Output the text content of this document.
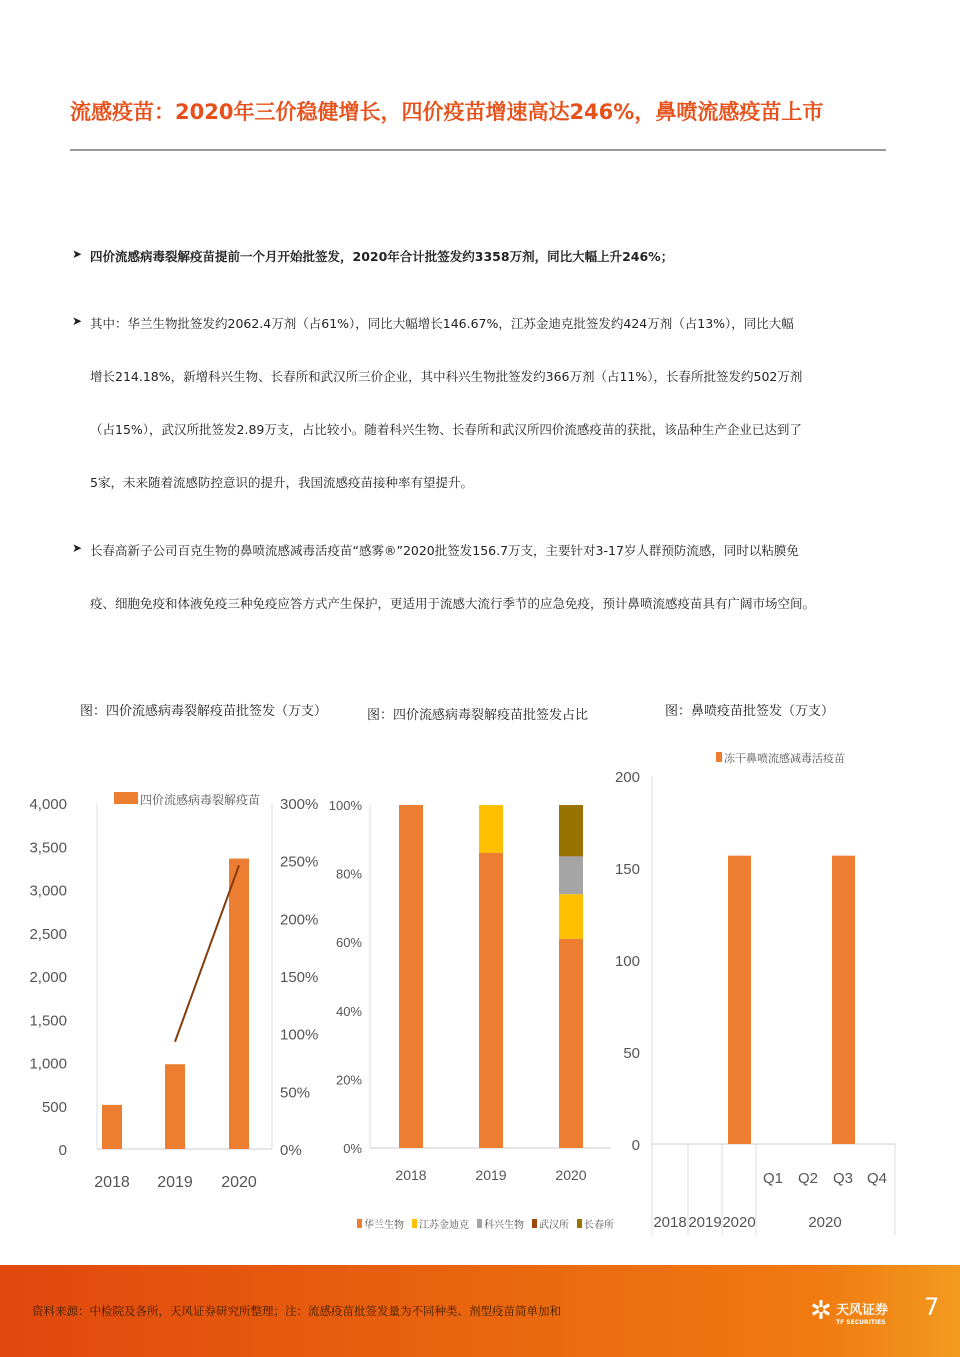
流感疫苗：2020年三价稳健增长，四价疫苗增速高达246%，鼻喷流感疫苗上市
➤ 四价流感病毒裂解疫苗提前一个月开始批签发，2020年合计批签发约3358万剂，同比大幅上升246%；
➤ 其中：华兰生物批签发约2062.4万剂（占61%），同比大幅增长146.67%，江苏金迪克批签发约424万剂（占13%），同比大幅
增长214.18%，新增科兴生物、长春所和武汉所三价企业，其中科兴生物批签发约366万剂（占11%），长春所批签发约502万剂
（占15%），武汉所批签发2.89万支，占比较小。随着科兴生物、长春所和武汉所四价流感疫苗的获批，该品种生产企业已达到了
5家，未来随着流感防控意识的提升，我国流感疫苗接种率有望提升。
➤ 长春高新子公司百克生物的鼻喷流感减毒活疫苗“感雾®”2020批签发156.7万支，主要针对3-17岁人群预防流感，同时以粘膜免
疫、细胞免疫和体液免疫三种免疫应答方式产生保护，更适用于流感大流行季节的应急免疫，预计鼻喷流感疫苗具有广阔市场空间。
图：四价流感病毒裂解疫苗批签发（万支）	图：四价流感病毒裂解疫苗批签发占比	图：鼻喷疫苗批签发（万支）
0
500
1,000
1,500
2,000
2,500
3,000
3,500
4,000
0%
50%
100%
150%
200%
250%
300%
2018 2019 2020
四价流感病毒裂解疫苗
0%
20%
40%
60%
80%
100%
2018	2019	2020
华兰生物 江苏金迪克 科兴生物 武汉所 长春所
0
50
100
150
200
2018 2019 2020
Q1 Q2 Q3 Q4
2020
冻干鼻喷流感减毒活疫苗
资料来源：中检院及各所，天风证券研究所整理；注：流感疫苗批签发量为不同种类、剂型疫苗简单加和	✲ 天风证券
TF SECURITIES
7
